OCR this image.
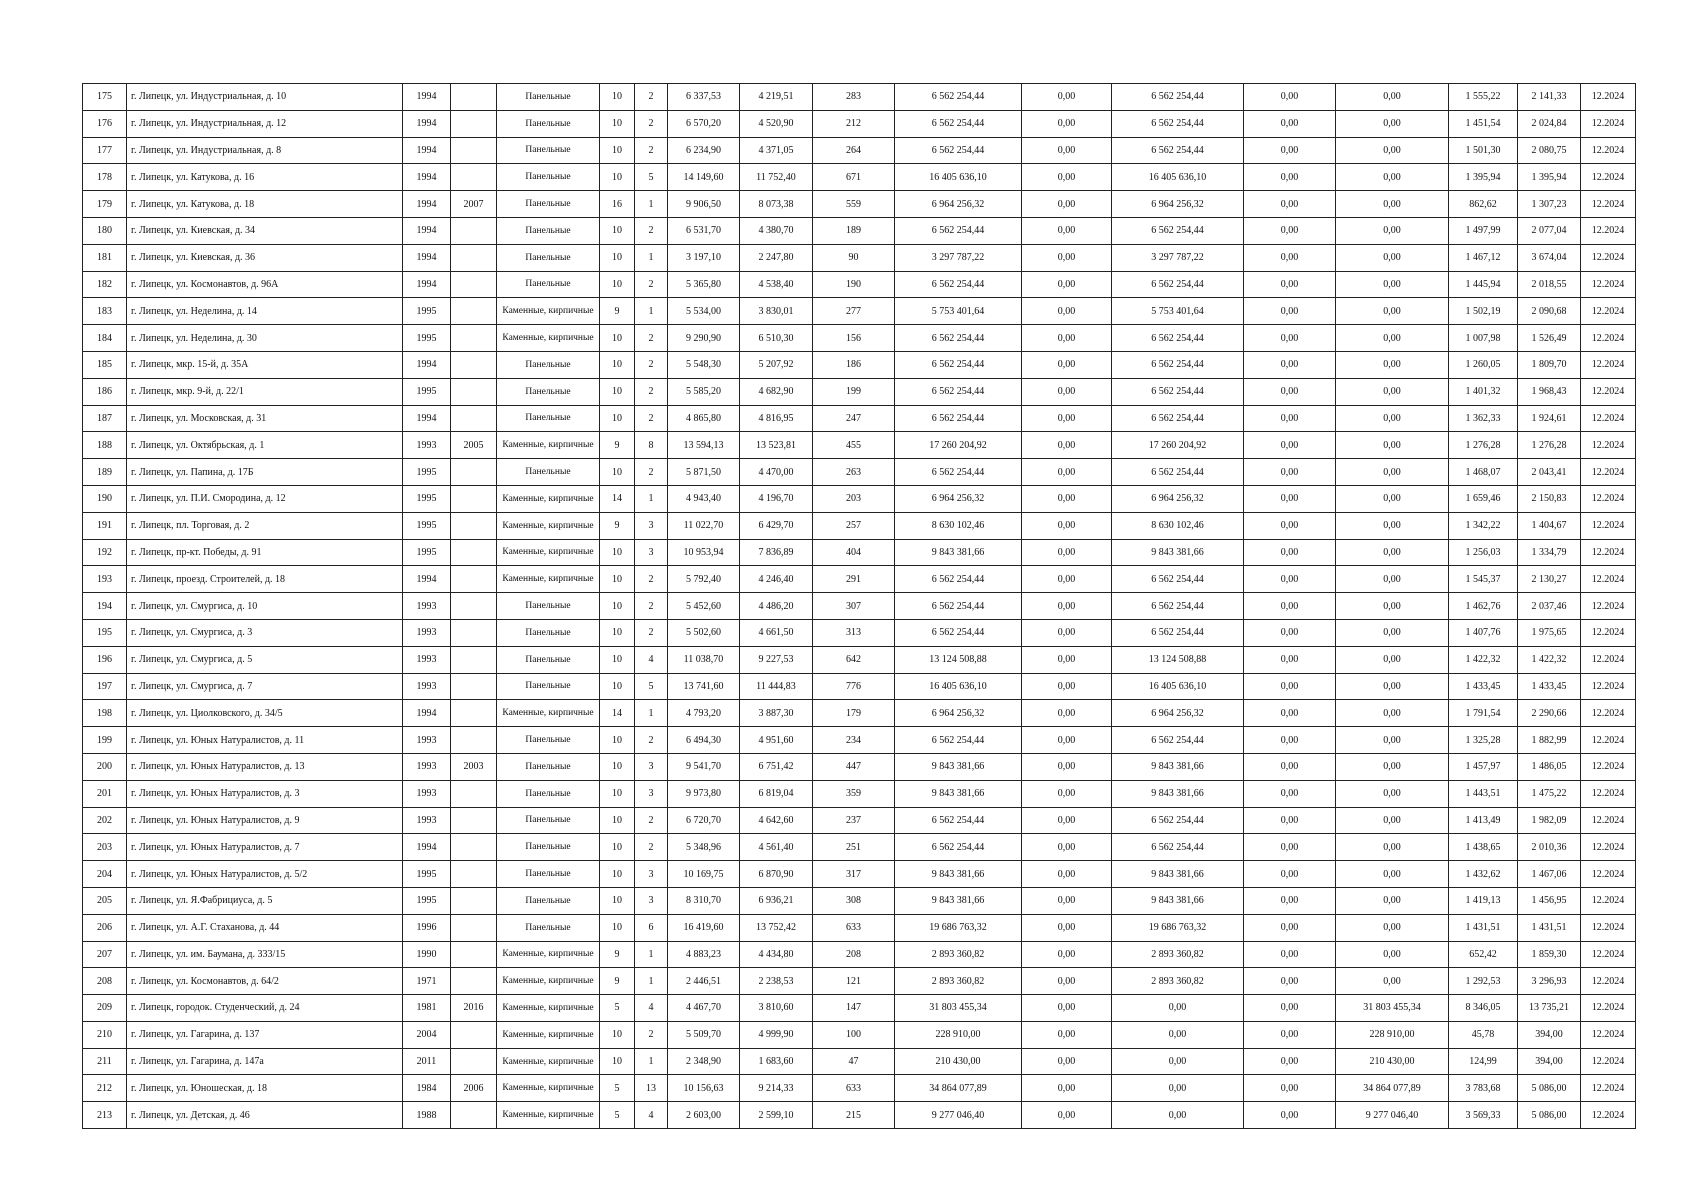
175	г. Липецк, ул. Индустриальная, д. 10	1994		Панельные	10	2	6 337,53	4 219,51	283	6 562 254,44	0,00	6 562 254,44	0,00	0,00	1 555,22	2 141,33	12.2024
176	г. Липецк, ул. Индустриальная, д. 12	1994		Панельные	10	2	6 570,20	4 520,90	212	6 562 254,44	0,00	6 562 254,44	0,00	0,00	1 451,54	2 024,84	12.2024
177	г. Липецк, ул. Индустриальная, д. 8	1994		Панельные	10	2	6 234,90	4 371,05	264	6 562 254,44	0,00	6 562 254,44	0,00	0,00	1 501,30	2 080,75	12.2024
178	г. Липецк, ул. Катукова, д. 16	1994		Панельные	10	5	14 149,60	11 752,40	671	16 405 636,10	0,00	16 405 636,10	0,00	0,00	1 395,94	1 395,94	12.2024
179	г. Липецк, ул. Катукова, д. 18	1994	2007	Панельные	16	1	9 906,50	8 073,38	559	6 964 256,32	0,00	6 964 256,32	0,00	0,00	862,62	1 307,23	12.2024
180	г. Липецк, ул. Киевская, д. 34	1994		Панельные	10	2	6 531,70	4 380,70	189	6 562 254,44	0,00	6 562 254,44	0,00	0,00	1 497,99	2 077,04	12.2024
181	г. Липецк, ул. Киевская, д. 36	1994		Панельные	10	1	3 197,10	2 247,80	90	3 297 787,22	0,00	3 297 787,22	0,00	0,00	1 467,12	3 674,04	12.2024
182	г. Липецк, ул. Космонавтов, д. 96А	1994		Панельные	10	2	5 365,80	4 538,40	190	6 562 254,44	0,00	6 562 254,44	0,00	0,00	1 445,94	2 018,55	12.2024
183	г. Липецк, ул. Неделина, д. 14	1995		Каменные, кирпичные	9	1	5 534,00	3 830,01	277	5 753 401,64	0,00	5 753 401,64	0,00	0,00	1 502,19	2 090,68	12.2024
184	г. Липецк, ул. Неделина, д. 30	1995		Каменные, кирпичные	10	2	9 290,90	6 510,30	156	6 562 254,44	0,00	6 562 254,44	0,00	0,00	1 007,98	1 526,49	12.2024
185	г. Липецк, мкр. 15-й, д. 35А	1994		Панельные	10	2	5 548,30	5 207,92	186	6 562 254,44	0,00	6 562 254,44	0,00	0,00	1 260,05	1 809,70	12.2024
186	г. Липецк, мкр. 9-й, д. 22/1	1995		Панельные	10	2	5 585,20	4 682,90	199	6 562 254,44	0,00	6 562 254,44	0,00	0,00	1 401,32	1 968,43	12.2024
187	г. Липецк, ул. Московская, д. 31	1994		Панельные	10	2	4 865,80	4 816,95	247	6 562 254,44	0,00	6 562 254,44	0,00	0,00	1 362,33	1 924,61	12.2024
188	г. Липецк, ул. Октябрьская, д. 1	1993	2005	Каменные, кирпичные	9	8	13 594,13	13 523,81	455	17 260 204,92	0,00	17 260 204,92	0,00	0,00	1 276,28	1 276,28	12.2024
189	г. Липецк, ул. Папина, д. 17Б	1995		Панельные	10	2	5 871,50	4 470,00	263	6 562 254,44	0,00	6 562 254,44	0,00	0,00	1 468,07	2 043,41	12.2024
190	г. Липецк, ул. П.И. Смородина, д. 12	1995		Каменные, кирпичные	14	1	4 943,40	4 196,70	203	6 964 256,32	0,00	6 964 256,32	0,00	0,00	1 659,46	2 150,83	12.2024
191	г. Липецк, пл. Торговая, д. 2	1995		Каменные, кирпичные	9	3	11 022,70	6 429,70	257	8 630 102,46	0,00	8 630 102,46	0,00	0,00	1 342,22	1 404,67	12.2024
192	г. Липецк, пр-кт. Победы, д. 91	1995		Каменные, кирпичные	10	3	10 953,94	7 836,89	404	9 843 381,66	0,00	9 843 381,66	0,00	0,00	1 256,03	1 334,79	12.2024
193	г. Липецк, проезд. Строителей, д. 18	1994		Каменные, кирпичные	10	2	5 792,40	4 246,40	291	6 562 254,44	0,00	6 562 254,44	0,00	0,00	1 545,37	2 130,27	12.2024
194	г. Липецк, ул. Смургиса, д. 10	1993		Панельные	10	2	5 452,60	4 486,20	307	6 562 254,44	0,00	6 562 254,44	0,00	0,00	1 462,76	2 037,46	12.2024
195	г. Липецк, ул. Смургиса, д. 3	1993		Панельные	10	2	5 502,60	4 661,50	313	6 562 254,44	0,00	6 562 254,44	0,00	0,00	1 407,76	1 975,65	12.2024
196	г. Липецк, ул. Смургиса, д. 5	1993		Панельные	10	4	11 038,70	9 227,53	642	13 124 508,88	0,00	13 124 508,88	0,00	0,00	1 422,32	1 422,32	12.2024
197	г. Липецк, ул. Смургиса, д. 7	1993		Панельные	10	5	13 741,60	11 444,83	776	16 405 636,10	0,00	16 405 636,10	0,00	0,00	1 433,45	1 433,45	12.2024
198	г. Липецк, ул. Циолковского, д. 34/5	1994		Каменные, кирпичные	14	1	4 793,20	3 887,30	179	6 964 256,32	0,00	6 964 256,32	0,00	0,00	1 791,54	2 290,66	12.2024
199	г. Липецк, ул. Юных Натуралистов, д. 11	1993		Панельные	10	2	6 494,30	4 951,60	234	6 562 254,44	0,00	6 562 254,44	0,00	0,00	1 325,28	1 882,99	12.2024
200	г. Липецк, ул. Юных Натуралистов, д. 13	1993	2003	Панельные	10	3	9 541,70	6 751,42	447	9 843 381,66	0,00	9 843 381,66	0,00	0,00	1 457,97	1 486,05	12.2024
201	г. Липецк, ул. Юных Натуралистов, д. 3	1993		Панельные	10	3	9 973,80	6 819,04	359	9 843 381,66	0,00	9 843 381,66	0,00	0,00	1 443,51	1 475,22	12.2024
202	г. Липецк, ул. Юных Натуралистов, д. 9	1993		Панельные	10	2	6 720,70	4 642,60	237	6 562 254,44	0,00	6 562 254,44	0,00	0,00	1 413,49	1 982,09	12.2024
203	г. Липецк, ул. Юных Натуралистов, д. 7	1994		Панельные	10	2	5 348,96	4 561,40	251	6 562 254,44	0,00	6 562 254,44	0,00	0,00	1 438,65	2 010,36	12.2024
204	г. Липецк, ул. Юных Натуралистов, д. 5/2	1995		Панельные	10	3	10 169,75	6 870,90	317	9 843 381,66	0,00	9 843 381,66	0,00	0,00	1 432,62	1 467,06	12.2024
205	г. Липецк, ул. Я.Фабрициуса, д. 5	1995		Панельные	10	3	8 310,70	6 936,21	308	9 843 381,66	0,00	9 843 381,66	0,00	0,00	1 419,13	1 456,95	12.2024
206	г. Липецк, ул. А.Г. Стаханова, д. 44	1996		Панельные	10	6	16 419,60	13 752,42	633	19 686 763,32	0,00	19 686 763,32	0,00	0,00	1 431,51	1 431,51	12.2024
207	г. Липецк, ул. им. Баумана, д. 333/15	1990		Каменные, кирпичные	9	1	4 883,23	4 434,80	208	2 893 360,82	0,00	2 893 360,82	0,00	0,00	652,42	1 859,30	12.2024
208	г. Липецк, ул. Космонавтов, д. 64/2	1971		Каменные, кирпичные	9	1	2 446,51	2 238,53	121	2 893 360,82	0,00	2 893 360,82	0,00	0,00	1 292,53	3 296,93	12.2024
209	г. Липецк, городок. Студенческий, д. 24	1981	2016	Каменные, кирпичные	5	4	4 467,70	3 810,60	147	31 803 455,34	0,00	0,00	0,00	31 803 455,34	8 346,05	13 735,21	12.2024
210	г. Липецк, ул. Гагарина, д. 137	2004		Каменные, кирпичные	10	2	5 509,70	4 999,90	100	228 910,00	0,00	0,00	0,00	228 910,00	45,78	394,00	12.2024
211	г. Липецк, ул. Гагарина, д. 147а	2011		Каменные, кирпичные	10	1	2 348,90	1 683,60	47	210 430,00	0,00	0,00	0,00	210 430,00	124,99	394,00	12.2024
212	г. Липецк, ул. Юношеская, д. 18	1984	2006	Каменные, кирпичные	5	13	10 156,63	9 214,33	633	34 864 077,89	0,00	0,00	0,00	34 864 077,89	3 783,68	5 086,00	12.2024
213	г. Липецк, ул. Детская, д. 46	1988		Каменные, кирпичные	5	4	2 603,00	2 599,10	215	9 277 046,40	0,00	0,00	0,00	9 277 046,40	3 569,33	5 086,00	12.2024
